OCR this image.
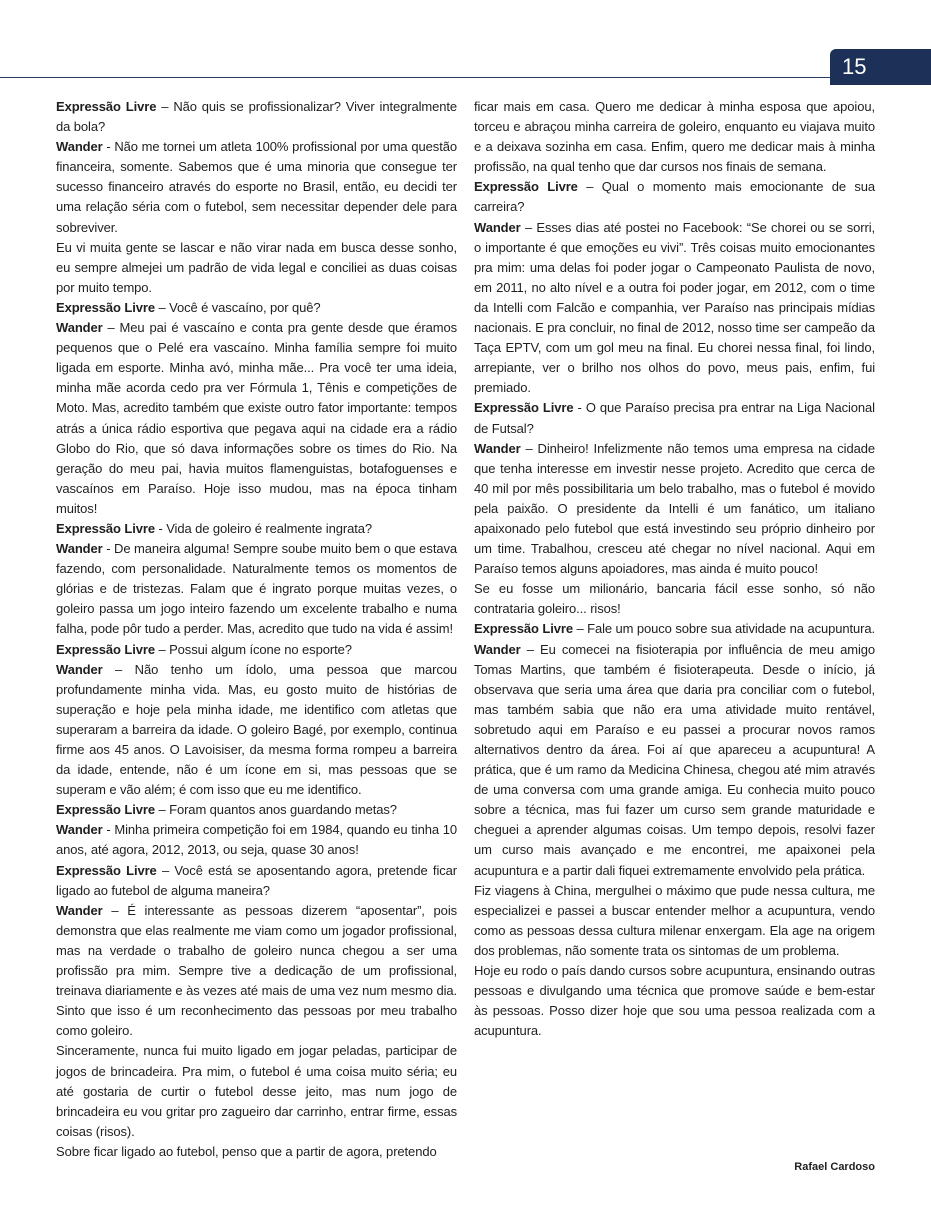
15

Expressão Livre – Não quis se profissionalizar? Viver integralmente da bola?

Wander - Não me tornei um atleta 100% profissional por uma questão financeira, somente. Sabemos que é uma minoria que consegue ter sucesso financeiro através do esporte no Brasil, então, eu decidi ter uma relação séria com o futebol, sem necessitar depender dele para sobreviver.

Eu vi muita gente se lascar e não virar nada em busca desse sonho, eu sempre almejei um padrão de vida legal e conciliei as duas coisas por muito tempo.

Expressão Livre – Você é vascaíno, por quê?

Wander – Meu pai é vascaíno e conta pra gente desde que éramos pequenos que o Pelé era vascaíno. Minha família sempre foi muito ligada em esporte. Minha avó, minha mãe... Pra você ter uma ideia, minha mãe acorda cedo pra ver Fórmula 1, Tênis e competições de Moto. Mas, acredito também que existe outro fator importante: tempos atrás a única rádio esportiva que pegava aqui na cidade era a rádio Globo do Rio, que só dava informações sobre os times do Rio. Na geração do meu pai, havia muitos flamenguistas, botafoguenses e vascaínos em Paraíso. Hoje isso mudou, mas na época tinham muitos!

Expressão Livre - Vida de goleiro é realmente ingrata?

Wander - De maneira alguma! Sempre soube muito bem o que estava fazendo, com personalidade. Naturalmente temos os momentos de glórias e de tristezas. Falam que é ingrato porque muitas vezes, o goleiro passa um jogo inteiro fazendo um excelente trabalho e numa falha, pode pôr tudo a perder. Mas, acredito que tudo na vida é assim!

Expressão Livre – Possui algum ícone no esporte?

Wander – Não tenho um ídolo, uma pessoa que marcou profundamente minha vida. Mas, eu gosto muito de histórias de superação e hoje pela minha idade, me identifico com atletas que superaram a barreira da idade. O goleiro Bagé, por exemplo, continua firme aos 45 anos. O Lavoisiser, da mesma forma rompeu a barreira da idade, entende, não é um ícone em si, mas pessoas que se superam e vão além; é com isso que eu me identifico.

Expressão Livre – Foram quantos anos guardando metas?

Wander - Minha primeira competição foi em 1984, quando eu tinha 10 anos, até agora, 2012, 2013, ou seja, quase 30 anos!

Expressão Livre – Você está se aposentando agora, pretende ficar ligado ao futebol de alguma maneira?

Wander – É interessante as pessoas dizerem “aposentar”, pois demonstra que elas realmente me viam como um jogador profissional, mas na verdade o trabalho de goleiro nunca chegou a ser uma profissão pra mim. Sempre tive a dedicação de um profissional, treinava diariamente e às vezes até mais de uma vez num mesmo dia. Sinto que isso é um reconhecimento das pessoas por meu trabalho como goleiro.

Sinceramente, nunca fui muito ligado em jogar peladas, participar de jogos de brincadeira. Pra mim, o futebol é uma coisa muito séria; eu até gostaria de curtir o futebol desse jeito, mas num jogo de brincadeira eu vou gritar pro zagueiro dar carrinho, entrar firme, essas coisas (risos).

Sobre ficar ligado ao futebol, penso que a partir de agora, pretendo

ficar mais em casa. Quero me dedicar à minha esposa que apoiou, torceu e abraçou minha carreira de goleiro, enquanto eu viajava muito e a deixava sozinha em casa. Enfim, quero me dedicar mais à minha profissão, na qual tenho que dar cursos nos finais de semana.

Expressão Livre – Qual o momento mais emocionante de sua carreira?

Wander – Esses dias até postei no Facebook: “Se chorei ou se sorri, o importante é que emoções eu vivi”. Três coisas muito emocionantes pra mim: uma delas foi poder jogar o Campeonato Paulista de novo, em 2011, no alto nível e a outra foi poder jogar, em 2012, com o time da Intelli com Falcão e companhia, ver Paraíso nas principais mídias nacionais. E pra concluir, no final de 2012, nosso time ser campeão da Taça EPTV, com um gol meu na final. Eu chorei nessa final, foi lindo, arrepiante, ver o brilho nos olhos do povo, meus pais, enfim, fui premiado.

Expressão Livre - O que Paraíso precisa pra entrar na Liga Nacional de Futsal?

Wander – Dinheiro! Infelizmente não temos uma empresa na cidade que tenha interesse em investir nesse projeto. Acredito que cerca de 40 mil por mês possibilitaria um belo trabalho, mas o futebol é movido pela paixão. O presidente da Intelli é um fanático, um italiano apaixonado pelo futebol que está investindo seu próprio dinheiro por um time. Trabalhou, cresceu até chegar no nível nacional. Aqui em Paraíso temos alguns apoiadores, mas ainda é muito pouco!

Se eu fosse um milionário, bancaria fácil esse sonho, só não contrataria goleiro... risos!

Expressão Livre – Fale um pouco sobre sua atividade na acupuntura.

Wander – Eu comecei na fisioterapia por influência de meu amigo Tomas Martins, que também é fisioterapeuta. Desde o início, já observava que seria uma área que daria pra conciliar com o futebol, mas também sabia que não era uma atividade muito rentável, sobretudo aqui em Paraíso e eu passei a procurar novos ramos alternativos dentro da área. Foi aí que apareceu a acupuntura! A prática, que é um ramo da Medicina Chinesa, chegou até mim através de uma conversa com uma grande amiga. Eu conhecia muito pouco sobre a técnica, mas fui fazer um curso sem grande maturidade e cheguei a aprender algumas coisas. Um tempo depois, resolvi fazer um curso mais avançado e me encontrei, me apaixonei pela acupuntura e a partir dali fiquei extremamente envolvido pela prática.

Fiz viagens à China, mergulhei o máximo que pude nessa cultura, me especializei e passei a buscar entender melhor a acupuntura, vendo como as pessoas dessa cultura milenar enxergam. Ela age na origem dos problemas, não somente trata os sintomas de um problema.

Hoje eu rodo o país dando cursos sobre acupuntura, ensinando outras pessoas e divulgando uma técnica que promove saúde e bem-estar às pessoas. Posso dizer hoje que sou uma pessoa realizada com a acupuntura.

Rafael Cardoso
